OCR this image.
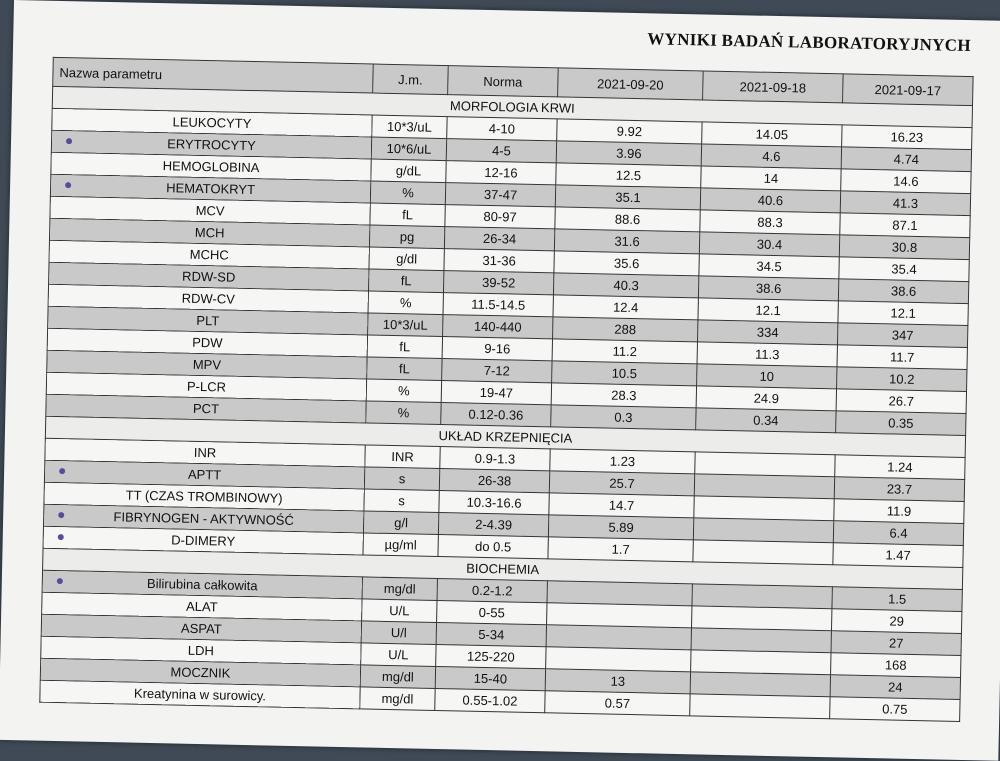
WYNIKI BADAŃ LABORATORYJNYCH
Nazwa parametru	J.m.	Norma	2021-09-20	2021-09-18	2021-09-17
MORFOLOGIA KRWI					
LEUKOCYTY	10*3/uL	4-10	9.92	14.05	16.23

ERYTROCYTY	10*6/uL	4-5	3.96	4.6	4.74
HEMOGLOBINA	g/dL	12-16	12.5	14	14.6

HEMATOKRYT	%	37-47	35.1	40.6	41.3
MCV	fL	80-97	88.6	88.3	87.1
MCH	pg	26-34	31.6	30.4	30.8
MCHC	g/dl	31-36	35.6	34.5	35.4
RDW-SD	fL	39-52	40.3	38.6	38.6
RDW-CV	%	11.5-14.5	12.4	12.1	12.1
PLT	10*3/uL	140-440	288	334	347
PDW	fL	9-16	11.2	11.3	11.7
MPV	fL	7-12	10.5	10	10.2
P-LCR	%	19-47	28.3	24.9	26.7
PCT	%	0.12-0.36	0.3	0.34	0.35
UKŁAD KRZEPNIĘCIA					
INR	INR	0.9-1.3	1.23		1.24

APTT	s	26-38	25.7		23.7
TT (CZAS TROMBINOWY)	s	10.3-16.6	14.7		11.9

FIBRYNOGEN - AKTYWNOŚĆ	g/l	2-4.39	5.89		6.4

D-DIMERY	µg/ml	do 0.5	1.7		1.47
BIOCHEMIA					

Bilirubina całkowita	mg/dl	0.2-1.2			1.5
ALAT	U/L	0-55			29
ASPAT	U/l	5-34			27
LDH	U/L	125-220			168
MOCZNIK	mg/dl	15-40	13		24
Kreatynina w surowicy.	mg/dl	0.55-1.02	0.57		0.75
